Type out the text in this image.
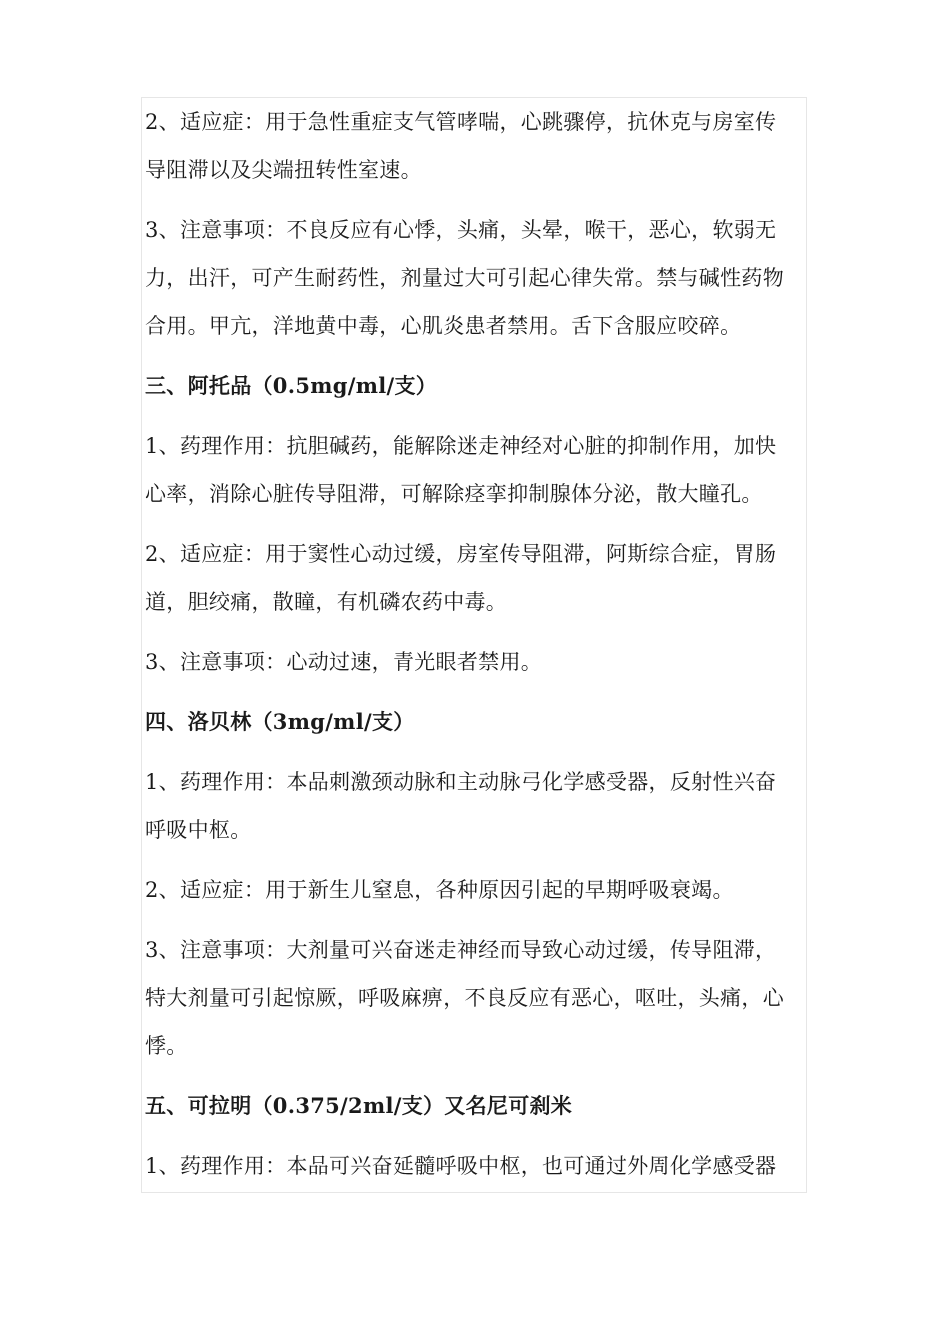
2、适应症：用于急性重症支气管哮喘，心跳骤停，抗休克与房室传
导阻滞以及尖端扭转性室速。
3、注意事项：不良反应有心悸，头痛，头晕，喉干，恶心，软弱无
力，出汗，可产生耐药性，剂量过大可引起心律失常。禁与碱性药物
合用。甲亢，洋地黄中毒，心肌炎患者禁用。舌下含服应咬碎。
三、阿托品（0.5mg/ml/支）
1、药理作用：抗胆碱药，能解除迷走神经对心脏的抑制作用，加快
心率，消除心脏传导阻滞，可解除痉挛抑制腺体分泌，散大瞳孔。
2、适应症：用于窦性心动过缓，房室传导阻滞，阿斯综合症，胃肠
道，胆绞痛，散瞳，有机磷农药中毒。
3、注意事项：心动过速，青光眼者禁用。
四、洛贝林（3mg/ml/支）
1、药理作用：本品刺激颈动脉和主动脉弓化学感受器，反射性兴奋
呼吸中枢。
2、适应症：用于新生儿窒息，各种原因引起的早期呼吸衰竭。
3、注意事项：大剂量可兴奋迷走神经而导致心动过缓，传导阻滞，
特大剂量可引起惊厥，呼吸麻痹，不良反应有恶心，呕吐，头痛，心
悸。
五、可拉明（0.375/2ml/支）又名尼可刹米
1、药理作用：本品可兴奋延髓呼吸中枢，也可通过外周化学感受器
